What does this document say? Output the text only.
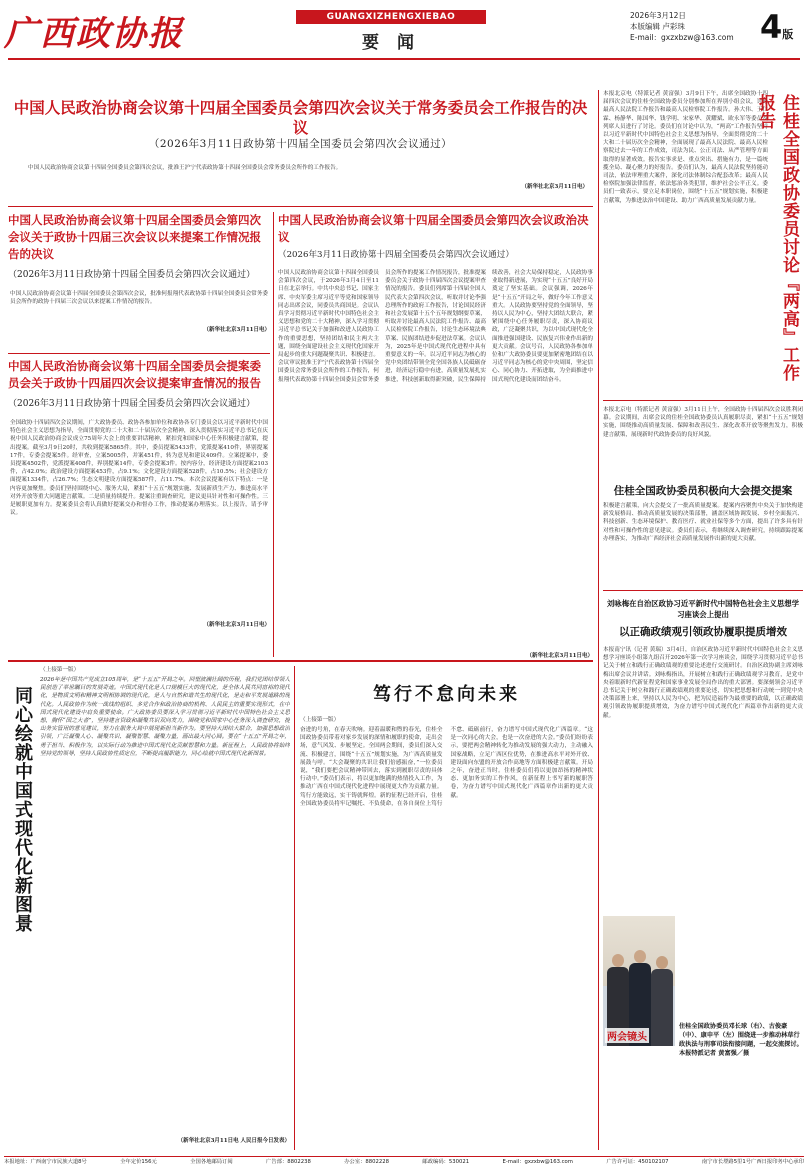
广西政协报	GUANGXIZHENGXIEBAO
要 闻
2026年3月12日
本版编辑 卢彩珠
E-mail：gxzxbzw@163.com 4版
中国人民政治协商会议第十四届全国委员会第四次会议关于常务委员会工作报告的决议
（2026年3月11日政协第十四届全国委员会第四次会议通过）
中国人民政治协商会议第十四届全国委员会第四次会议，批准王沪宁代表政协第十四届全国委员会常务委员会所作的工作报告。
（新华社北京3月11日电）
中国人民政治协商会议第十四届全国委员会第四次会议关于政协十四届三次会议以来提案工作情况报告的决议
（2026年3月11日政协第十四届全国委员会第四次会议通过）
中国人民政治协商会议第十四届全国委员会第四次会议，批准何报翔代表政协第十四届全国委员会常务委员会所作的政协十四届三次会议以来提案工作情况的报告。
（新华社北京3月11日电）
中国人民政治协商会议第十四届全国委员会提案委员会关于政协十四届四次会议提案审查情况的报告
（2026年3月11日政协第十四届全国委员会第四次会议通过）
全国政协十四届四次会议期间，广大政协委员、政协各参加单位和政协各专门委员会以习近平新时代中国特色社会主义思想为指导，全面贯彻党的二十大和二十届历次全会精神，深入贯彻落实习近平总书记在庆祝中国人民政治协商会议成立75周年大会上的重要讲话精神，紧扣党和国家中心任务积极建言献策，提出提案。截至3月9日20时，共收到提案5865件。其中，委员提案5433件，党派提案410件，界别提案17件，专委会提案5件。经审查，立案5005件，并案451件，转为意见和建议409件。立案提案中，委员提案4502件，党派提案408件，界别提案14件，专委会提案3件。按内容分，经济建设方面提案2103件，占42.0%；政治建设方面提案453件，占9.1%；文化建设方面提案528件，占10.5%；社会建设方面提案1334件，占26.7%；生态文明建设方面提案587件，占11.7%。本次会议提案有以下特点：一是内容更加聚焦。委员们坚持围绕中心、服务大局，紧扣“十五五”规划实施、发展新质生产力、推进高水平对外开放等重大问题建言献策。二是质量持续提升。提案注重调查研究，建议更具针对性和可操作性。三是履职更加有力。提案委员会将认真做好提案交办和督办工作，推动提案办理落实。以上报告，请予审议。
（新华社北京3月11日电）
中国人民政治协商会议第十四届全国委员会第四次会议政治决议
（2026年3月11日政协第十四届全国委员会第四次会议通过）
中国人民政治协商会议第十四届全国委员会第四次会议，于2026年3月4日至11日在北京举行。中共中央总书记、国家主席、中央军委主席习近平等党和国家领导同志出席会议，同委员共商国是。会议认真学习贯彻习近平新时代中国特色社会主义思想和党的二十大精神，深入学习贯彻习近平总书记关于加强和改进人民政协工作的重要思想，坚持团结和民主两大主题，围绕全面建设社会主义现代化国家开局起步的重大问题凝聚共识、积极建言。会议审议批准王沪宁代表政协第十四届全国委员会常务委员会所作的工作报告，何报翔代表政协第十四届全国委员会常务委员会所作的提案工作情况报告，批准提案委员会关于政协十四届四次会议提案审查情况的报告。委员们列席第十四届全国人民代表大会第四次会议，听取并讨论李强总理所作的政府工作报告，讨论国民经济和社会发展第十五个五年规划纲要草案，听取并讨论最高人民法院工作报告、最高人民检察院工作报告，讨论生态环境法典草案、民族团结进步促进法草案。会议认为，2025年是中国式现代化进程中具有重要意义的一年。以习近平同志为核心的党中央团结带领全党全国各族人民砥砺奋进，经济运行稳中有进，高质量发展扎实推进，科技创新取得新突破，民生保障持续改善，社会大局保持稳定，人民政协事业取得新进展，为实现“十五五”良好开局奠定了坚实基础。会议强调，2026年是“十五五”开局之年，做好今年工作意义重大。人民政协要坚持党的全面领导，坚持以人民为中心，坚持大团结大联合，紧紧围绕中心任务履职尽责，深入协商议政，广泛凝聚共识，为以中国式现代化全面推进强国建设、民族复兴伟业作出新的更大贡献。会议号召，人民政协各参加单位和广大政协委员要更加紧密地团结在以习近平同志为核心的党中央周围，坚定信心、同心协力、开拓进取，为全面推进中国式现代化建设而团结奋斗。
（新华社北京3月11日电）
本报北京电（特派记者 黄富强）3月9日下午，出席全国政协十四届四次会议的住桂全国政协委员分别参加所在界别小组会议，讨论最高人民法院工作报告和最高人民检察院工作报告。孙大伟、王仁霖、杨静华、陈国华、钱学明、宋家华、黄耀斌、欧永军等委员及列席人员进行了讨论。委员们在讨论中认为，“两高”工作报告坚持以习近平新时代中国特色社会主义思想为指导，全面贯彻党的二十大和二十届历次全会精神，全面展现了最高人民法院、最高人民检察院过去一年的工作成效，司法为民、公正司法、从严管理等方面取得的显著成效。报告实事求是、重点突出、措施有力，是一篇统揽全局、凝心聚力的好报告。委员们认为，最高人民法院坚持能动司法，依法审理重大案件，深化司法体制综合配套改革；最高人民检察院加强法律监督，依法惩治各类犯罪，维护社会公平正义。委员们一致表示，要立足本职岗位，围绕“十五五”规划实施，积极建言献策，为推进法治中国建设、助力广西高质量发展贡献力量。	住桂全国政协委员讨论『两高』工作报告
本报北京电（特派记者 黄富强）3月11日上午，全国政协十四届四次会议胜利闭幕。会议期间，出席会议的住桂全国政协委员认真履职尽责，紧扣“十五五”规划实施，围绕推动高质量发展、保障和改善民生、深化改革开放等聚焦发力，积极建言献策，展现新时代政协委员的良好风貌。
住桂全国政协委员积极向大会提交提案
积极建言献策，向大会提交了一批高质量提案。提案内容聚焦中央关于加快构建新发展格局、推动高质量发展的决策部署，涵盖区域协调发展、乡村全面振兴、科技创新、生态环境保护、教育医疗、就业社保等多个方面，提出了许多具有针对性和可操作性的意见建议。委员们表示，将继续深入调查研究，持续跟踪提案办理落实，为推动广西经济社会高质量发展作出新的更大贡献。
刘咏梅在自治区政协习近平新时代中国特色社会主义思想学习座谈会上提出
以正确政绩观引领政协履职提质增效
本报南宁讯（记者 黄瑞）3月4日，自治区政协习近平新时代中国特色社会主义思想学习座谈小组第九组召开2026年第一次学习座谈会，围绕学习贯彻习近平总书记关于树立和践行正确政绩观的重要论述进行交流研讨。自治区政协副主席刘咏梅出席会议并讲话。刘咏梅指出，开展树立和践行正确政绩观学习教育，是党中央着眼新时代新征程党和国家事业发展全局作出的重大部署。要深刻领会习近平总书记关于树立和践行正确政绩观的重要论述，切实把思想和行动统一到党中央决策部署上来，坚持以人民为中心，把为民造福作为最重要的政绩，以正确政绩观引领政协履职提质增效，为奋力谱写中国式现代化广西篇章作出新的更大贡献。
两会镜头
住桂全国政协委员邓长球（右）、古俊豪（中）、康申平（左）围绕进一步推动林草行政执法与刑事司法衔接问题，一起交流探讨。本报特派记者 黄富强／摄
同心绘就中国式现代化新图景
（上接第一版）
2026年是中国共产党成立105周年，是“十五五”开局之年。回望波澜壮阔的历程，我们党团结带领人民创造了举世瞩目的发展奇迹。中国式现代化是人口规模巨大的现代化，是全体人民共同富裕的现代化，是物质文明和精神文明相协调的现代化，是人与自然和谐共生的现代化，是走和平发展道路的现代化。人民政协作为统一战线的组织、多党合作和政治协商的机构、人民民主的重要实现形式，在中国式现代化建设中肩负重要使命。广大政协委员要深入学习贯彻习近平新时代中国特色社会主义思想，胸怀“国之大者”，坚持建言资政和凝聚共识双向发力，围绕党和国家中心任务深入调查研究，提出务实管用的意见建议，努力在服务大局中展现新担当新作为。要坚持大团结大联合，加强思想政治引领，广泛凝聚人心、凝聚共识、凝聚智慧、凝聚力量，画出最大同心圆。要在“十五五”开局之年，勇于担当、积极作为，以实际行动为推进中国式现代化贡献智慧和力量。新征程上，人民政协将始终坚持党的领导，坚持人民政协性质定位，不断提高履职能力，同心绘就中国式现代化新图景。
（新华社北京3月11日电 人民日报今日发表）
笃行不怠向未来
（上接第一版）
奋进的号角，在春天吹响。迎着温暖和煦的春光，住桂全国政协委员带着对家乡发展的深情和履职的使命，走出会场，意气风发、步履坚定。全国两会期间，委员们深入交流、积极建言，围绕“十五五”规划实施，为广西高质量发展鼓与呼。“大会凝聚的共识让我们倍感振奋，”一位委员说，“我们要把会议精神带回去，落实到履职尽责的具体行动中。”委员们表示，将以更加饱满的热情投入工作，为推动广西在中国式现代化进程中展现更大作为贡献力量。笃行方能致远，实干铸就辉煌。新的征程已经开启，住桂全国政协委员将牢记嘱托、不负使命，在各自岗位上笃行不怠、砥砺前行，奋力谱写中国式现代化广西篇章。“这是一次同心的大会，也是一次奋进的大会。”委员们纷纷表示，要把两会精神转化为推动发展的强大动力，主动融入国家战略，立足广西区位优势，在推进高水平对外开放、建设面向东盟的开放合作高地等方面积极建言献策。开局之年，奋进正当时。住桂委员们将以更加昂扬的精神状态、更加务实的工作作风，在新征程上书写新的履职答卷，为奋力谱写中国式现代化广西篇章作出新的更大贡献。
本报地址：广西南宁市民族大道8号	全年定价156元	全国各地邮局订阅	广告部：8802238	办公室：8802228	邮政编码：530021	E-mail：gxzxbw@163.com	广告许可证：450102107	南宁市长堽路5里1号广西日报印务中心承印
